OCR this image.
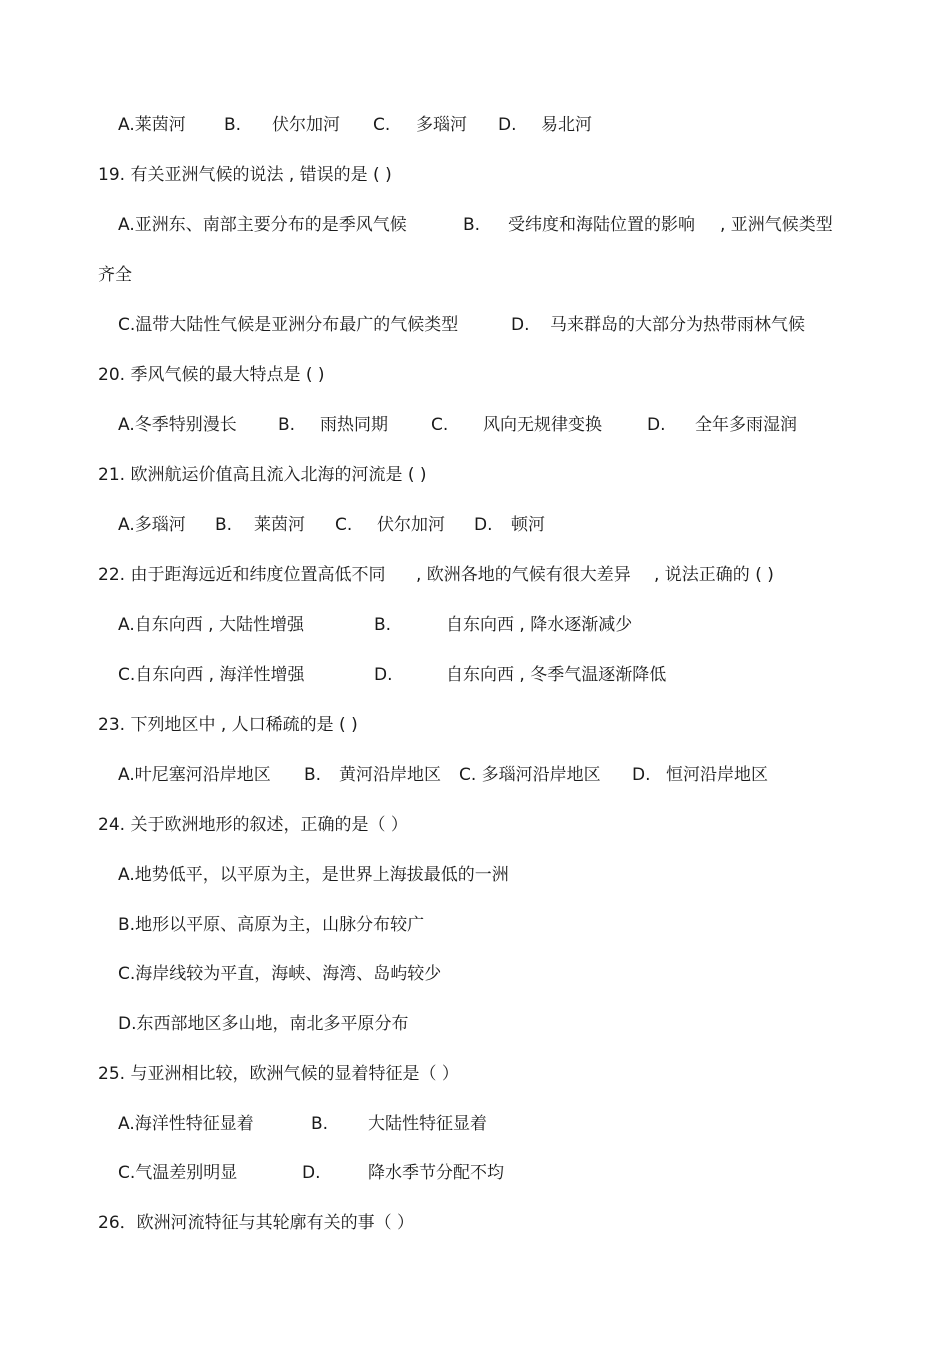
A.莱茵河 B. 伏尔加河 C. 多瑙河 D. 易北河
19. 有关亚洲气候的说法 , 错误的是 ( )
A.亚洲东、南部主要分布的是季风气候	B. 受纬度和海陆位置的影响 , 亚洲气候类型
齐全
C.温带大陆性气候是亚洲分布最广的气候类型	D. 马来群岛的大部分为热带雨林气候
20. 季风气候的最大特点是 ( )
A.冬季特别漫长 B. 雨热同期	C. 风向无规律变换	D. 全年多雨湿润
21. 欧洲航运价值高且流入北海的河流是 ( )
A.多瑙河 B. 莱茵河 C. 伏尔加河 D. 顿河
22. 由于距海远近和纬度位置高低不同 , 欧洲各地的气候有很大差异 , 说法正确的 ( )
A.自东向西 , 大陆性增强	B.	自东向西 , 降水逐渐减少
C.自东向西 , 海洋性增强	D.	自东向西 , 冬季气温逐渐降低
23. 下列地区中 , 人口稀疏的是 ( )
A.叶尼塞河沿岸地区 B. 黄河沿岸地区 C. 多瑙河沿岸地区 D. 恒河沿岸地区
24. 关于欧洲地形的叙述，正确的是（ ）
A.地势低平，以平原为主，是世界上海拔最低的一洲
B.地形以平原、高原为主，山脉分布较广
C.海岸线较为平直，海峡、海湾、岛屿较少
D.东西部地区多山地，南北多平原分布
25. 与亚洲相比较，欧洲气候的显着特征是（ ）
A.海洋性特征显着	B. 大陆性特征显着
C.气温差别明显	D.	降水季节分配不均
26．欧洲河流特征与其轮廓有关的事（ ）
